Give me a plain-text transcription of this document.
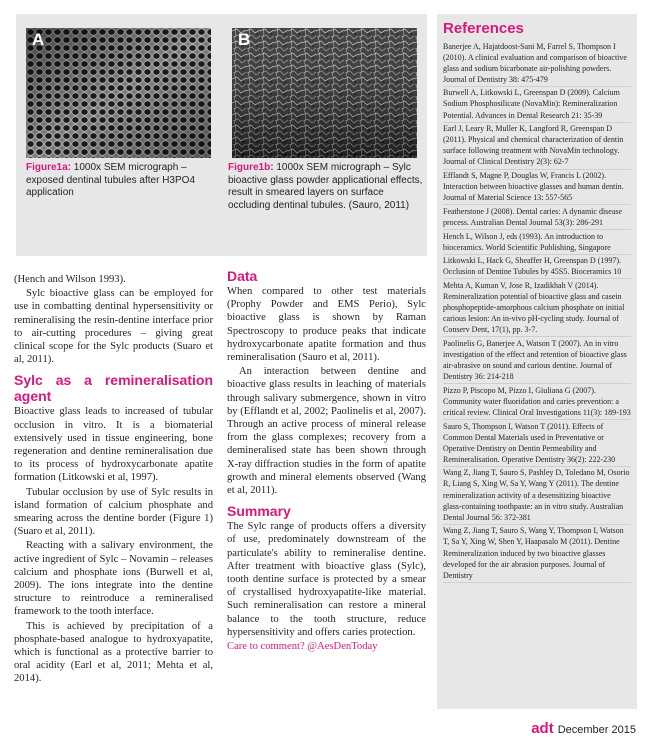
A	B
Figure1a: 1000x SEM micrograph – exposed dentinal tubules after H3PO4 application
Figure1b: 1000x SEM micrograph – Sylc bioactive glass powder applicational effects, result in smeared layers on surface occluding dentinal tubules. (Sauro, 2011)

(Hench and Wilson 1993).

Sylc bioactive glass can be employed for use in combatting dentinal hypersensitivity or remineralising the resin-dentine interface prior to air-cutting procedures – giving great clinical scope for the Sylc products (Suaro et al, 2011).

Sylc as a remineralisation agent

Bioactive glass leads to increased of tubular occlusion in vitro. It is a biomaterial extensively used in tissue engineering, bone regeneration and dentine remineralisation due to its process of hydroxycarbonate apatite formation (Litkowski et al, 1997).

Tubular occlusion by use of Sylc results in island formation of calcium phosphate and smearing across the dentine border (Figure 1) (Suaro et al, 2011).

Reacting with a salivary environment, the active ingredient of Sylc – Novamin – releases calcium and phosphate ions (Burwell et al, 2009). The ions integrate into the dentine structure to reintroduce a remineralised framework to the tooth interface.

This is achieved by precipitation of a phosphate-based analogue to hydroxyapatite, which is functional as a protective barrier to oral acidity (Earl et al, 2011; Mehta et al, 2014).

Data

When compared to other test materials (Prophy Powder and EMS Perio), Sylc bioactive glass is shown by Raman Spectroscopy to produce peaks that indicate hydroxycarbonate apatite formation and thus remineralisation (Sauro et al, 2011).

An interaction between dentine and bioactive glass results in leaching of materials through salivary submergence, shown in vitro by (Efflandt et al, 2002; Paolinelis et al, 2007). Through an active process of mineral release from the glass complexes; recovery from a demineralised state has been shown through X-ray diffraction studies in the form of apatite growth and mineral elements observed (Wang et al, 2011).

Summary

The Sylc range of products offers a diversity of use, predominately downstream of the particulate's ability to remineralise dentine. After treatment with bioactive glass (Sylc), tooth dentine surface is protected by a smear of crystallised hydroxyapatite-like material. Such remineralisation can restore a mineral balance to the tooth structure, reduce hypersensitivity and offers caries protection.

Care to comment? @AesDenToday

References
Banerjee A, Hajatdoost-Sani M, Farrel S, Thompson I (2010). A clinical evaluation and comparison of bioactive glass and sodium bicarbonate air-polishing powders. Journal of Dentistry 38: 475-479
Burwell A, Litkowski L, Greenspan D (2009). Calcium Sodium Phosphosilicate (NovaMin): Remineralization Potential. Advances in Dental Research 21: 35-39
Earl J, Leary R, Muller K, Langford R, Greenspan D (2011). Physical and chemical characterization of dentin surface following treatment with NovaMin technology. Journal of Clinical Dentistry 2(3): 62-7
Efflandt S, Magne P, Douglas W, Francis L (2002). Interaction between bioactive glasses and human dentin. Journal of Material Science 13: 557-565
Featherstone J (2008). Dental caries: A dynamic disease process. Australian Dental Journal 53(3): 286-291
Hench L, Wilson J, eds (1993). An introduction to bioceramics. World Scientific Publishing, Singapore
Litkowski L, Hack G, Sheaffer H, Greenspan D (1997). Occlusion of Dentine Tubules by 45S5. Bioceramics 10
Mehta A, Kuman V, Jose R, Izadikhah V (2014). Remineralization potential of bioactive glass and casein phosphopeptide-amorphous calcium phosphate on initial carious lesion: An in-vivo pH-cycling study. Journal of Conserv Dent, 17(1), pp. 3-7.
Paolinelis G, Banerjee A, Watson T (2007). An in vitro investigation of the effect and retention of bioactive glass air-abrasive on sound and carious dentine. Journal of Dentistry 36: 214-218
Pizzo P, Piscopo M, Pizzo I, Giuliana G (2007). Community water fluoridation and caries prevention: a critical review. Clinical Oral Investigations 11(3): 189-193
Sauro S, Thompson I, Watson T (2011). Effects of Common Dental Materials used in Preventative or Operative Dentistry on Dentin Permeability and Remineralisation. Operative Dentistry 36(2): 222-230
Wang Z, Jiang T, Sauro S, Pashley D, Toledano M, Osorio R, Liang S, Xing W, Sa Y, Wang Y (2011). The dentine remineralization activity of a desensitizing bioactive glass-containing toothpaste: an in vitro study. Australian Dental Journal 56: 372-381
Wang Z, Jiang T, Sauro S, Wang Y, Thompson I, Watson T, Sa Y, Xing W, Shen Y, Haapasalo M (2011). Dentine Remineralization induced by two bioactive glasses developed for the air abrasion purposes. Journal of Dentistry
adt December 2015
